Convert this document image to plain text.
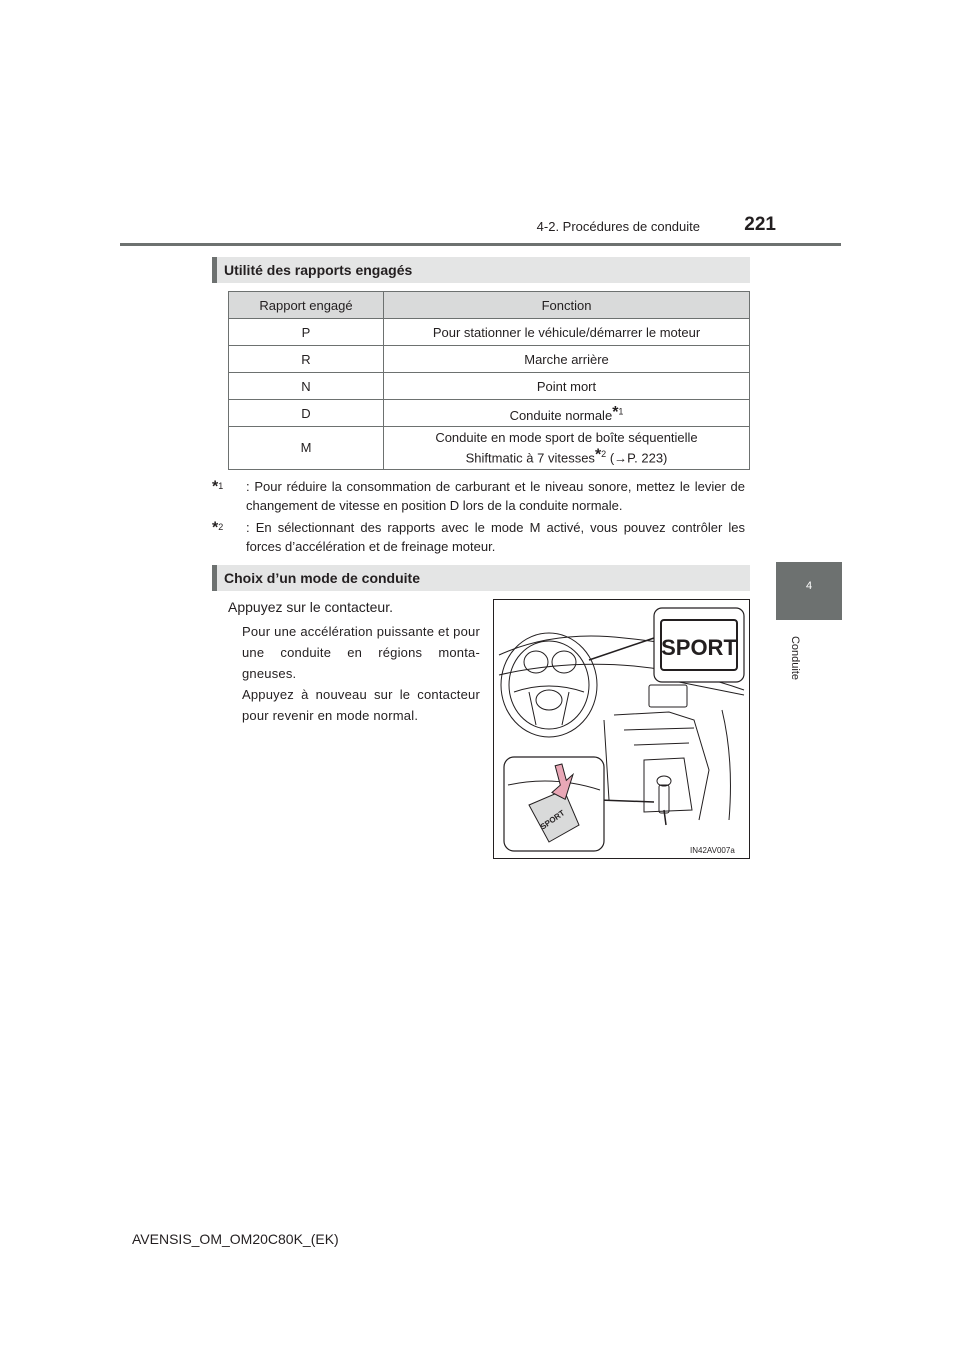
4-2. Procédures de conduite	221
4
Conduite
Utilité des rapports engagés
Rapport engagé	Fonction
P	Pour stationner le véhicule/démarrer le moteur
R	Marche arrière
N	Point mort
D	Conduite normale*$^1$
M	Conduite en mode sport de boîte séquentielle
Shiftmatic à 7 vitesses*$^2$ (→P. 223)
*$^1$	: Pour réduire la consommation de carburant et le niveau sonore, mettez le levier de changement de vitesse en position D lors de la conduite normale.
*$^2$	: En sélectionnant des rapports avec le mode M activé, vous pouvez contrôler les forces d’accélération et de freinage moteur.
Choix d’un mode de conduite
Appuyez sur le contacteur.
Pour une accélération puissante et pour une conduite en régions monta-gneuses.
Appuyez à nouveau sur le contacteur pour revenir en mode normal.
SPORT
SPORT
IN42AV007a
AVENSIS_OM_OM20C80K_(EK)
